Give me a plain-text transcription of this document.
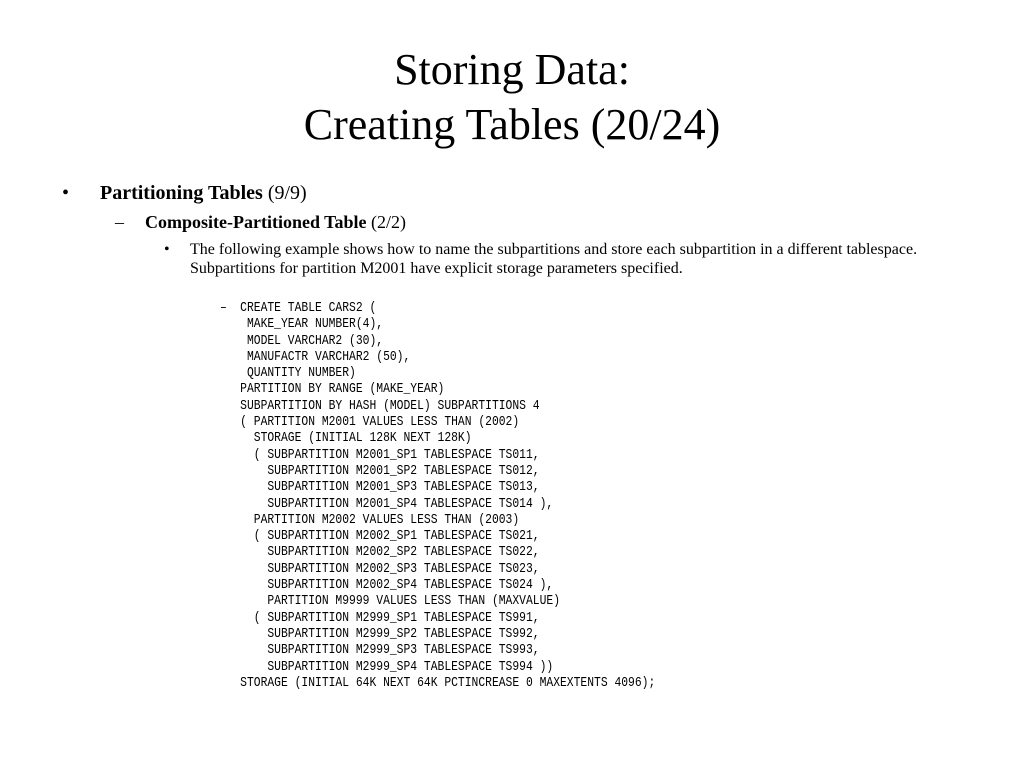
Storing Data:
Creating Tables (20/24)
• Partitioning Tables (9/9)
– Composite-Partitioned Table (2/2)
• The following example shows how to name the subpartitions and store each subpartition in a different tablespace. Subpartitions for partition M2001 have explicit storage parameters specified.
– CREATE TABLE CARS2 (
MAKE_YEAR NUMBER(4),
MODEL VARCHAR2 (30),
MANUFACTR VARCHAR2 (50),
QUANTITY NUMBER)
PARTITION BY RANGE (MAKE_YEAR)
SUBPARTITION BY HASH (MODEL) SUBPARTITIONS 4
( PARTITION M2001 VALUES LESS THAN (2002)
STORAGE (INITIAL 128K NEXT 128K)
( SUBPARTITION M2001_SP1 TABLESPACE TS011,
SUBPARTITION M2001_SP2 TABLESPACE TS012,
SUBPARTITION M2001_SP3 TABLESPACE TS013,
SUBPARTITION M2001_SP4 TABLESPACE TS014 ),
PARTITION M2002 VALUES LESS THAN (2003)
( SUBPARTITION M2002_SP1 TABLESPACE TS021,
SUBPARTITION M2002_SP2 TABLESPACE TS022,
SUBPARTITION M2002_SP3 TABLESPACE TS023,
SUBPARTITION M2002_SP4 TABLESPACE TS024 ),
PARTITION M9999 VALUES LESS THAN (MAXVALUE)
( SUBPARTITION M2999_SP1 TABLESPACE TS991,
SUBPARTITION M2999_SP2 TABLESPACE TS992,
SUBPARTITION M2999_SP3 TABLESPACE TS993,
SUBPARTITION M2999_SP4 TABLESPACE TS994 ))
STORAGE (INITIAL 64K NEXT 64K PCTINCREASE 0 MAXEXTENTS 4096);
